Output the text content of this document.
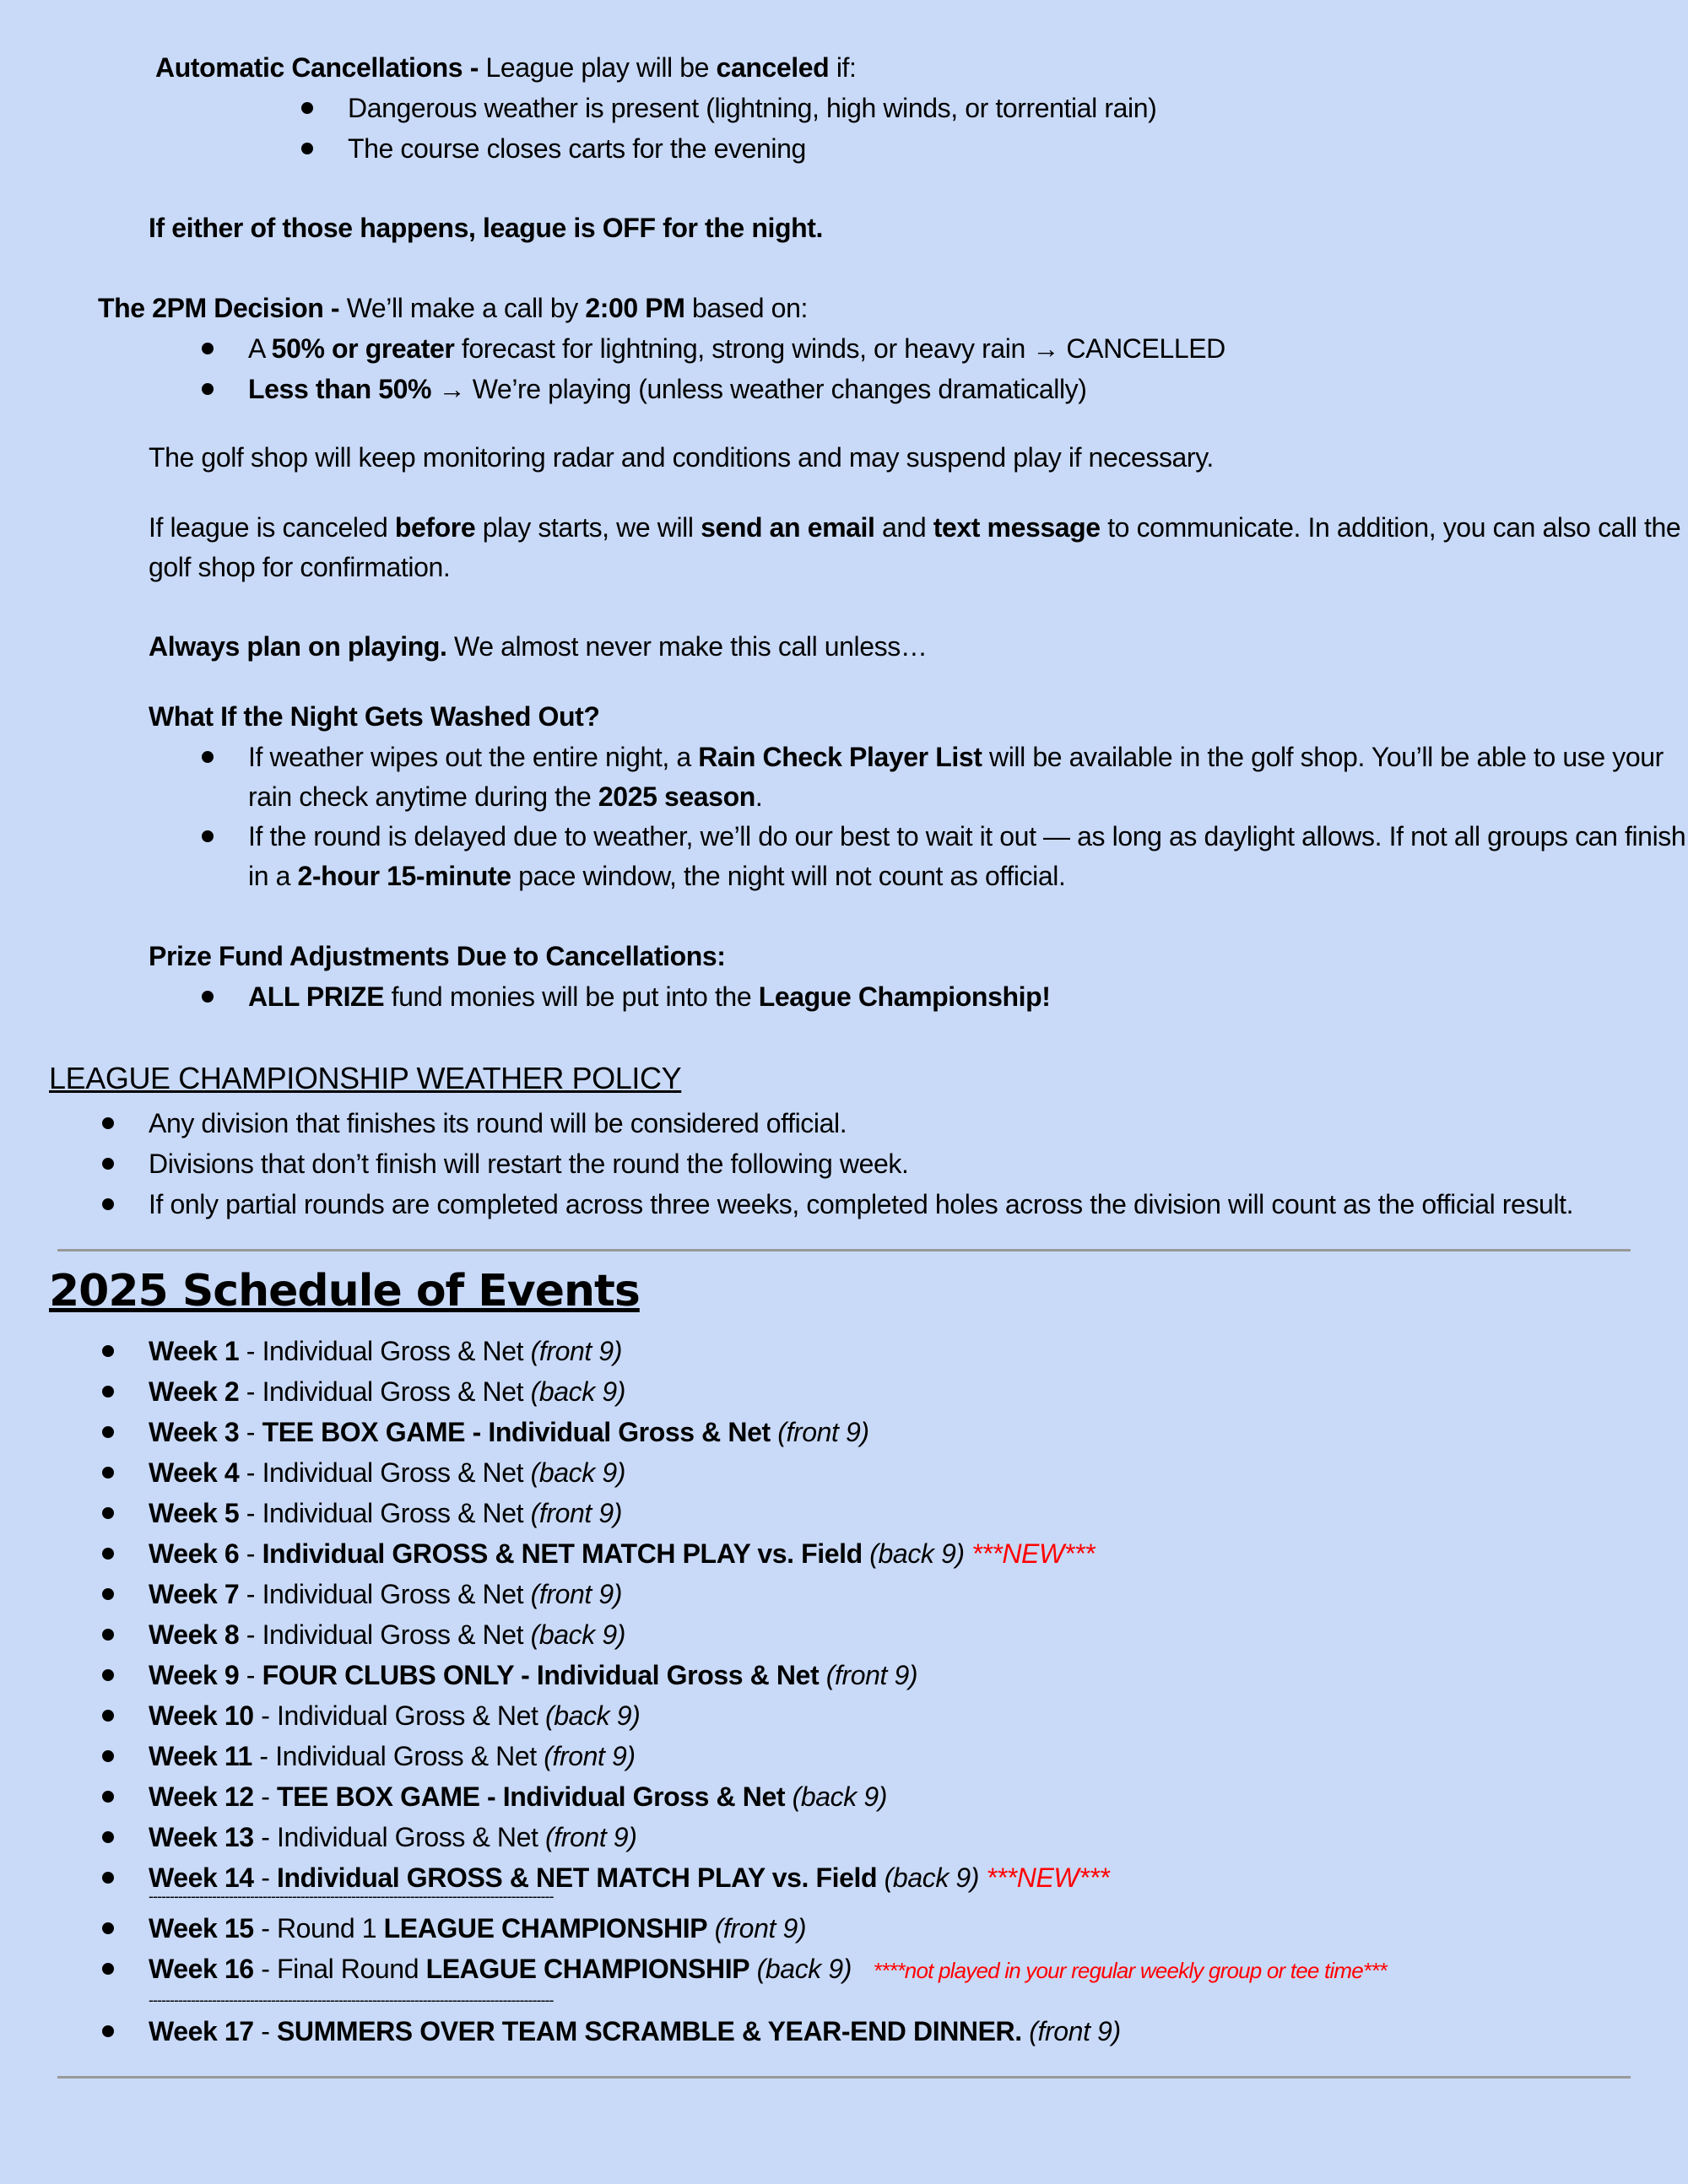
Automatic Cancellations - League play will be canceled if:
Dangerous weather is present (lightning, high winds, or torrential rain)
The course closes carts for the evening
If either of those happens, league is OFF for the night.
The 2PM Decision - We’ll make a call by 2:00 PM based on:
A 50% or greater forecast for lightning, strong winds, or heavy rain → CANCELLED
Less than 50% → We’re playing (unless weather changes dramatically)
The golf shop will keep monitoring radar and conditions and may suspend play if necessary.
If league is canceled before play starts, we will send an email and text message to communicate. In addition, you can also call the
golf shop for confirmation.
Always plan on playing. We almost never make this call unless…
What If the Night Gets Washed Out?
If weather wipes out the entire night, a Rain Check Player List will be available in the golf shop. You’ll be able to use your
rain check anytime during the 2025 season.
If the round is delayed due to weather, we’ll do our best to wait it out — as long as daylight allows. If not all groups can finish
in a 2-hour 15-minute pace window, the night will not count as official.
Prize Fund Adjustments Due to Cancellations:
ALL PRIZE fund monies will be put into the League Championship!
LEAGUE CHAMPIONSHIP WEATHER POLICY
Any division that finishes its round will be considered official.
Divisions that don’t finish will restart the round the following week.
If only partial rounds are completed across three weeks, completed holes across the division will count as the official result.
2025 Schedule of Events
Week 1 - Individual Gross & Net (front 9)
Week 2 - Individual Gross & Net (back 9)
Week 3 - TEE BOX GAME - Individual Gross & Net (front 9)
Week 4 - Individual Gross & Net (back 9)
Week 5 - Individual Gross & Net (front 9)
Week 6 - Individual GROSS & NET MATCH PLAY vs. Field (back 9) ***NEW***
Week 7 - Individual Gross & Net (front 9)
Week 8 - Individual Gross & Net (back 9)
Week 9 - FOUR CLUBS ONLY - Individual Gross & Net (front 9)
Week 10 - Individual Gross & Net (back 9)
Week 11 - Individual Gross & Net (front 9)
Week 12 - TEE BOX GAME - Individual Gross & Net (back 9)
Week 13 - Individual Gross & Net (front 9)
Week 14 - Individual GROSS & NET MATCH PLAY vs. Field (back 9) ***NEW***
------------------------------------------------------------------------------------------------
Week 15 - Round 1 LEAGUE CHAMPIONSHIP (front 9)
Week 16 - Final Round LEAGUE CHAMPIONSHIP (back 9) ****not played in your regular weekly group or tee time***
------------------------------------------------------------------------------------------------
Week 17 - SUMMERS OVER TEAM SCRAMBLE & YEAR-END DINNER. (front 9)
